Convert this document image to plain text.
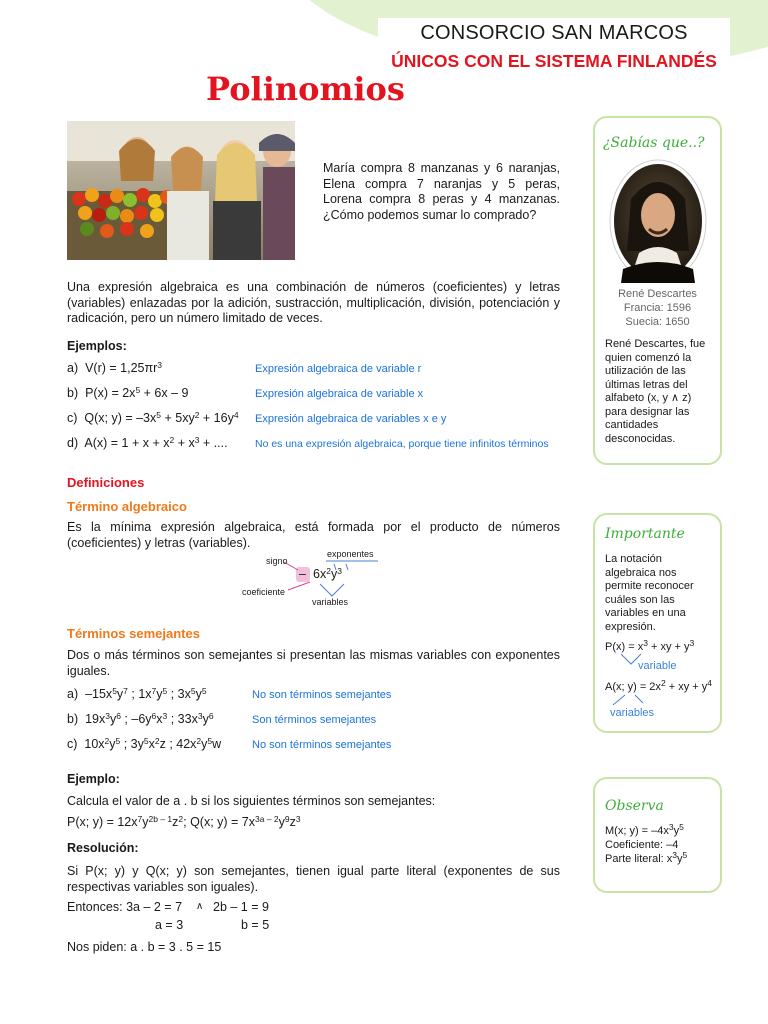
CONSORCIO SAN MARCOS
ÚNICOS CON EL SISTEMA FINLANDÉS
Polinomios

María compra 8 manzanas y 6 naranjas, Elena compra 7 naranjas y 5 peras, Lorena compra 8 peras y 4 manzanas. ¿Cómo podemos sumar lo comprado?

Una expresión algebraica es una combinación de números (coeficientes) y letras (variables) enlazadas por la adición, sustracción, multiplicación, división, potenciación y radicación, pero un número limitado de veces.

Ejemplos:
a)  $V(r) = 1,25\pi r^3$	Expresión algebraica de variable r
b)  $P(x) = 2x^5 + 6x - 9$	Expresión algebraica de variable x
c)  Q(x; $y) = -3x^5 + 5xy^2 + 16y^4$ Expresión algebraica de variables x e y
d)  $A(x) = 1 + x + x^2 + x^3$ + ....	No es una expresión algebraica, porque tiene infinitos términos
Definiciones
Término algebraico

Es la mínima expresión algebraica, está formada por el producto de números (coeficientes) y letras (variables).

signo
exponentes
coeficiente
variables
– $6x^2y^3$
Términos semejantes

Dos o más términos son semejantes si presentan las mismas variables con exponentes iguales.

a)  $-15x^5y^7$ ; $1x^7y^5$ ; $3x^5y^5$	No son términos semejantes
b)  $19x^3y^6$ ; $-6y^6x^3$ ; $33x^3y^6$	Son términos semejantes
c)  $10x^2y^5$ ; $3y^5x^2z$ ; $42x^2y^5w$	No son términos semejantes
Ejemplo:
Calcula el valor de a . b si los siguientes términos son semejantes:
P(x; $y) = 12x^7y^{2b - 1}z^2$; Q(x; $y) = 7x^{3a - 2}y^9z^3$
Resolución:

Si P(x; y) y Q(x; y) son semejantes, tienen igual parte literal (exponentes de sus respectivas variables son iguales).

Entonces: 3a – 2 = 7 ∧ 2b – 1 = 9
a = 3	b = 5
Nos piden: a . b = 3 . 5 = 15
¿Sabías que..?
René Descartes
Francia: 1596
Suecia: 1650
René Descartes, fue quien comenzó la utilización de las últimas letras del alfabeto (x, y ∧ z) para designar las cantidades desconocidas.
Importante
La notación algebraica nos permite reconocer cuáles son las variables en una expresión.
$P(x) = x^3$ + xy + $y^3$
variable
A(x; $y) = 2x^2$ + xy + $y^4$
variables
Observa
M(x; $y) = -4x^3y^5$
Coeficiente: –4
Parte literal: $x^3y^5$
